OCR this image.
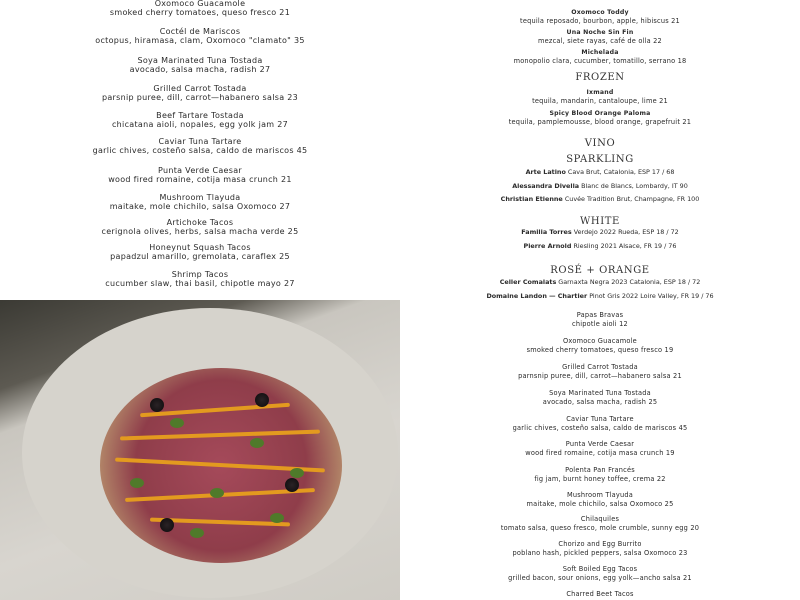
Oxomoco Guacamole
smoked cherry tomatoes, queso fresco 21
Coctél de Mariscos
octopus, hiramasa, clam, Oxomoco "clamato" 35
Soya Marinated Tuna Tostada
avocado, salsa macha, radish 27
Grilled Carrot Tostada
parsnip puree, dill, carrot—habanero salsa 23
Beef Tartare Tostada
chicatana aioli, nopales, egg yolk jam 27
Caviar Tuna Tartare
garlic chives, costeño salsa, caldo de mariscos 45
Punta Verde Caesar
wood fired romaine, cotija masa crunch 21
Mushroom Tlayuda
maitake, mole chichilo, salsa Oxomoco 27
Artichoke Tacos
cerignola olives, herbs, salsa macha verde 25
Honeynut Squash Tacos
papadzul amarillo, gremolata, caraflex 25
Shrimp Tacos
cucumber slaw, thai basil, chipotle mayo 27
Oxomoco Toddy
tequila reposado, bourbon, apple, hibiscus 21
Una Noche Sin Fin
mezcal, siete rayas, café de olla 22
Michelada
monopolio clara, cucumber, tomatillo, serrano 18
FROZEN
Ixmand
tequila, mandarin, cantaloupe, lime 21
Spicy Blood Orange Paloma
tequila, pamplemousse, blood orange, grapefruit 21
VINO
SPARKLING
Arte Latino Cava Brut, Catalonia, ESP 17 / 68
Alessandra Divella Blanc de Blancs, Lombardy, IT 90
Christian Etienne Cuvée Tradition Brut, Champagne, FR 100
WHITE
Familia Torres Verdejo 2022 Rueda, ESP 18 / 72
Pierre Arnold Riesling 2021 Alsace, FR 19 / 76
ROSÉ + ORANGE
Celler Comalats Garnaxta Negra 2023 Catalonia, ESP 18 / 72
Domaine Landon — Chartier Pinot Gris 2022 Loire Valley, FR 19 / 76
Papas Bravas
chipotle aioli 12
Oxomoco Guacamole
smoked cherry tomatoes, queso fresco 19
Grilled Carrot Tostada
parnsnip puree, dill, carrot—habanero salsa 21
Soya Marinated Tuna Tostada
avocado, salsa macha, radish 25
Caviar Tuna Tartare
garlic chives, costeño salsa, caldo de mariscos 45
Punta Verde Caesar
wood fired romaine, cotija masa crunch 19
Polenta Pan Francés
fig jam, burnt honey toffee, crema 22
Mushroom Tlayuda
maitake, mole chichilo, salsa Oxomoco 25
Chilaquiles
tomato salsa, queso fresco, mole crumble, sunny egg 20
Chorizo and Egg Burrito
poblano hash, pickled peppers, salsa Oxomoco 23
Soft Boiled Egg Tacos
grilled bacon, sour onions, egg yolk—ancho salsa 21
Charred Beet Tacos
